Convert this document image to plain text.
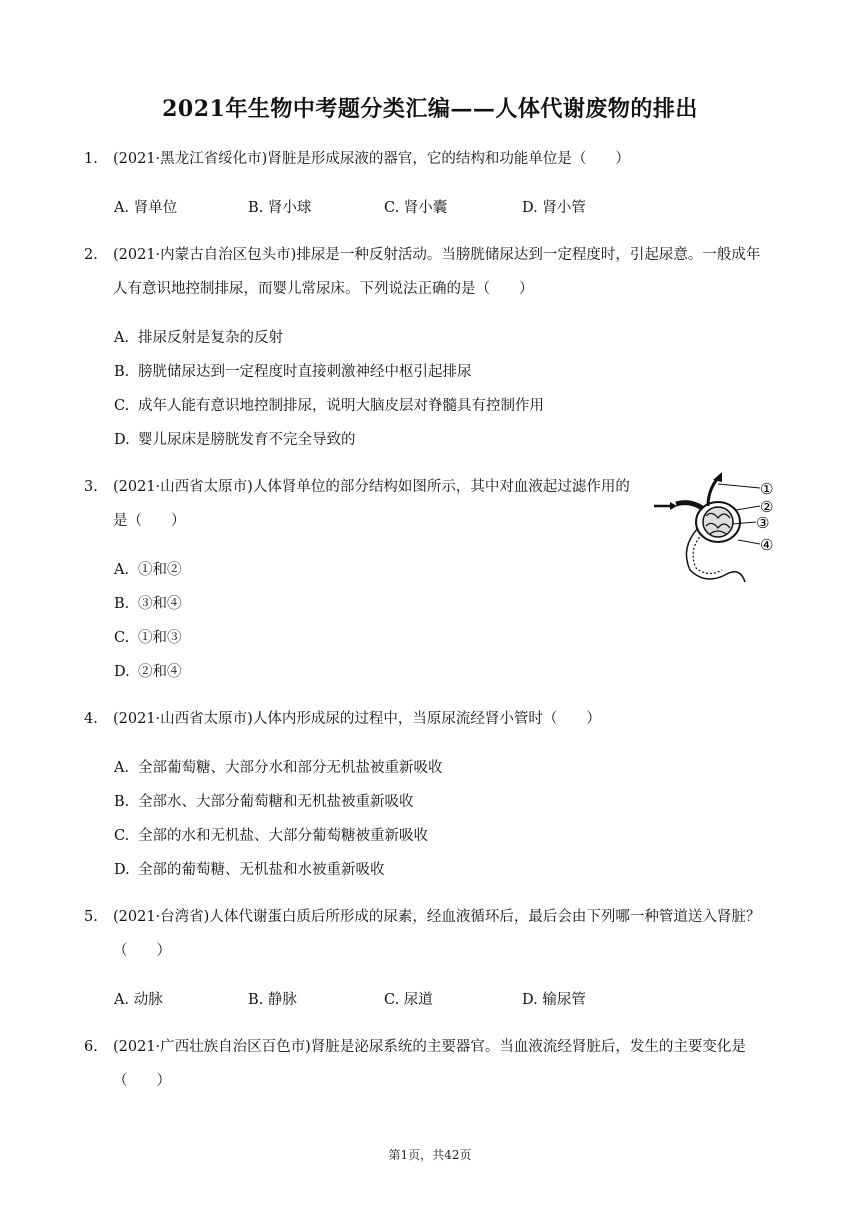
2021年生物中考题分类汇编——人体代谢废物的排出
1.	(2021·黑龙江省绥化市)肾脏是形成尿液的器官，它的结构和功能单位是（　　）
A. 肾单位	B. 肾小球	C. 肾小囊	D. 肾小管
2.	(2021·内蒙古自治区包头市)排尿是一种反射活动。当膀胱储尿达到一定程度时，引起尿意。一般成年
人有意识地控制排尿，而婴儿常尿床。下列说法正确的是（　　）
A. 排尿反射是复杂的反射
B. 膀胱储尿达到一定程度时直接刺激神经中枢引起排尿
C. 成年人能有意识地控制排尿，说明大脑皮层对脊髓具有控制作用
D. 婴儿尿床是膀胱发育不完全导致的
3.	(2021·山西省太原市)人体肾单位的部分结构如图所示，其中对血液起过滤作用的
是（　　）
A. ①和②
B. ③和④
C. ①和③
D. ②和④
①
②
③
④
4.	(2021·山西省太原市)人体内形成尿的过程中，当原尿流经肾小管时（　　）
A. 全部葡萄糖、大部分水和部分无机盐被重新吸收
B. 全部水、大部分葡萄糖和无机盐被重新吸收
C. 全部的水和无机盐、大部分葡萄糖被重新吸收
D. 全部的葡萄糖、无机盐和水被重新吸收
5.	(2021·台湾省)人体代谢蛋白质后所形成的尿素，经血液循环后，最后会由下列哪一种管道送入肾脏？
（　　）
A. 动脉	B. 静脉	C. 尿道	D. 输尿管
6.	(2021·广西壮族自治区百色市)肾脏是泌尿系统的主要器官。当血液流经肾脏后，发生的主要变化是
（　　）
第1页，共42页
